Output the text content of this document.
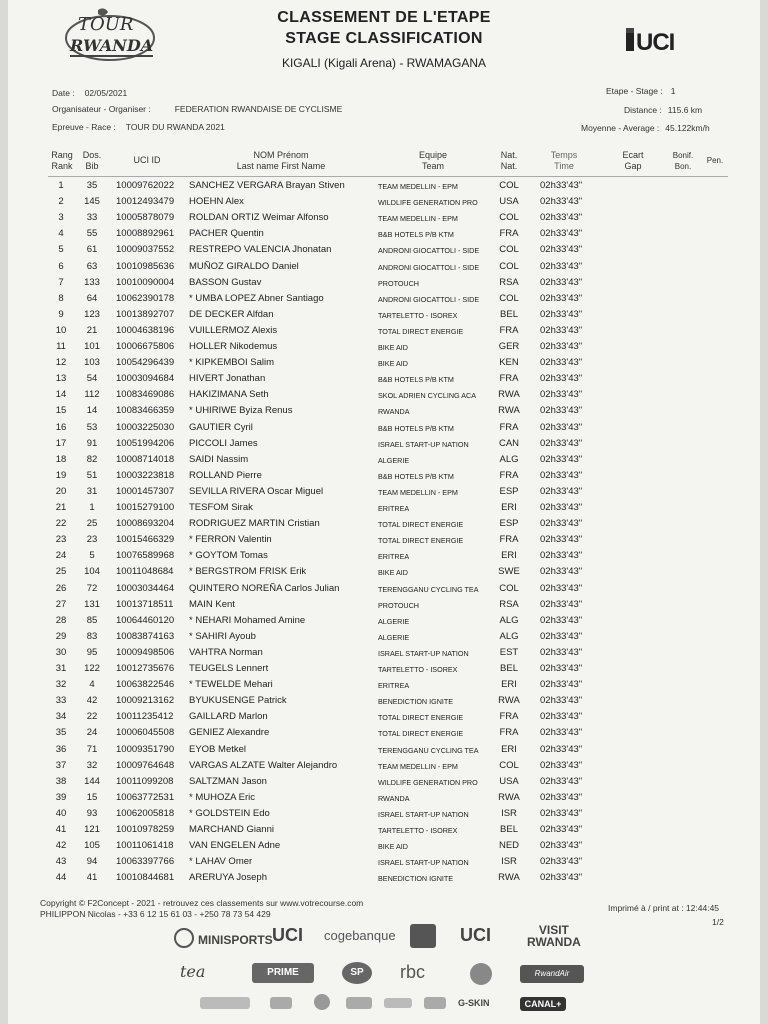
TOUR
RWANDA
CLASSEMENT DE L'ETAPE
STAGE CLASSIFICATION
KIGALI (Kigali Arena) - RWAMAGANA
UCI
Date : 02/05/2021
Organisateur - Organiser :	FEDERATION RWANDAISE DE CYCLISME
Epreuve - Race : TOUR DU RWANDA 2021
Etape - Stage : 1
Distance : 115.6 km
Moyenne - Average : 45.122km/h
Rang
Rank
Dos.
Bib
UCI ID	NOM Prénom
Last name First Name
Equipe
Team
Nat.
Nat.
Temps
Time
Ecart
Gap
Bonif.
Bon.
Pen.

1	35	10009762022 SANCHEZ VERGARA Brayan Stiven	TEAM MEDELLIN - EPM	COL	02h33'43"
2	145	10012493479 HOEHN Alex	WILDLIFE GENERATION PRO	USA	02h33'43"
3	33	10005878079 ROLDAN ORTIZ Weimar Alfonso	TEAM MEDELLIN - EPM	COL	02h33'43"
4	55	10008892961 PACHER Quentin	B&B HOTELS P/B KTM	FRA	02h33'43"
5	61	10009037552 RESTREPO VALENCIA Jhonatan	ANDRONI GIOCATTOLI - SIDE	COL	02h33'43"
6	63	10010985636 MUÑOZ GIRALDO Daniel	ANDRONI GIOCATTOLI - SIDE	COL	02h33'43"
7	133	10010090004 BASSON Gustav	PROTOUCH	RSA	02h33'43"
8	64	10062390178 * UMBA LOPEZ Abner Santiago	ANDRONI GIOCATTOLI - SIDE	COL	02h33'43"
9	123	10013892707 DE DECKER Alfdan	TARTELETTO - ISOREX	BEL	02h33'43"
10	21	10004638196 VUILLERMOZ Alexis	TOTAL DIRECT ENERGIE	FRA	02h33'43"
11	101	10006675806 HOLLER Nikodemus	BIKE AID	GER	02h33'43"
12	103	10054296439 * KIPKEMBOI Salim	BIKE AID	KEN	02h33'43"
13	54	10003094684 HIVERT Jonathan	B&B HOTELS P/B KTM	FRA	02h33'43"
14	112	10083469086 HAKIZIMANA Seth	SKOL ADRIEN CYCLING ACA	RWA	02h33'43"
15	14	10083466359 * UHIRIWE Byiza Renus	RWANDA	RWA	02h33'43"
16	53	10003225030 GAUTIER Cyril	B&B HOTELS P/B KTM	FRA	02h33'43"
17	91	10051994206 PICCOLI James	ISRAEL START-UP NATION	CAN	02h33'43"
18	82	10008714018 SAIDI Nassim	ALGERIE	ALG	02h33'43"
19	51	10003223818 ROLLAND Pierre	B&B HOTELS P/B KTM	FRA	02h33'43"
20	31	10001457307 SEVILLA RIVERA Oscar Miguel	TEAM MEDELLIN - EPM	ESP	02h33'43"
21	1	10015279100 TESFOM Sirak	ERITREA	ERI	02h33'43"
22	25	10008693204 RODRIGUEZ MARTIN Cristian	TOTAL DIRECT ENERGIE	ESP	02h33'43"
23	23	10015466329 * FERRON Valentin	TOTAL DIRECT ENERGIE	FRA	02h33'43"
24	5	10076589968 * GOYTOM Tomas	ERITREA	ERI	02h33'43"
25	104	10011048684 * BERGSTROM FRISK Erik	BIKE AID	SWE	02h33'43"
26	72	10003034464 QUINTERO NOREÑA Carlos Julian	TERENGGANU CYCLING TEA	COL	02h33'43"
27	131	10013718511 MAIN Kent	PROTOUCH	RSA	02h33'43"
28	85	10064460120 * NEHARI Mohamed Amine	ALGERIE	ALG	02h33'43"
29	83	10083874163 * SAHIRI Ayoub	ALGERIE	ALG	02h33'43"
30	95	10009498506 VAHTRA Norman	ISRAEL START-UP NATION	EST	02h33'43"
31	122	10012735676 TEUGELS Lennert	TARTELETTO - ISOREX	BEL	02h33'43"
32	4	10063822546 * TEWELDE Mehari	ERITREA	ERI	02h33'43"
33	42	10009213162 BYUKUSENGE Patrick	BENEDICTION IGNITE	RWA	02h33'43"
34	22	10011235412 GAILLARD Marlon	TOTAL DIRECT ENERGIE	FRA	02h33'43"
35	24	10006045508 GENIEZ Alexandre	TOTAL DIRECT ENERGIE	FRA	02h33'43"
36	71	10009351790 EYOB Metkel	TERENGGANU CYCLING TEA	ERI	02h33'43"
37	32	10009764648 VARGAS ALZATE Walter Alejandro	TEAM MEDELLIN - EPM	COL	02h33'43"
38	144	10011099208 SALTZMAN Jason	WILDLIFE GENERATION PRO	USA	02h33'43"
39	15	10063772531 * MUHOZA Eric	RWANDA	RWA	02h33'43"
40	93	10062005818 * GOLDSTEIN Edo	ISRAEL START-UP NATION	ISR	02h33'43"
41	121	10010978259 MARCHAND Gianni	TARTELETTO - ISOREX	BEL	02h33'43"
42	105	10011061418 VAN ENGELEN Adne	BIKE AID	NED	02h33'43"
43	94	10063397766 * LAHAV Omer	ISRAEL START-UP NATION	ISR	02h33'43"
44	41	10010844681 ARERUYA Joseph	BENEDICTION IGNITE	RWA	02h33'43"
Copyright © F2Concept - 2021 - retrouvez ces classements sur www.votrecourse.com
PHILIPPON Nicolas - +33 6 12 15 61 03 - +250 78 73 54 429
Imprimé à / print at : 12:44:45
1/2
MINISPORTS UCI cogebanque	UCI	VISIT
RWANDA
tea	PRIME	SP	rbc	RwandAir
G-SKIN	CANAL+
